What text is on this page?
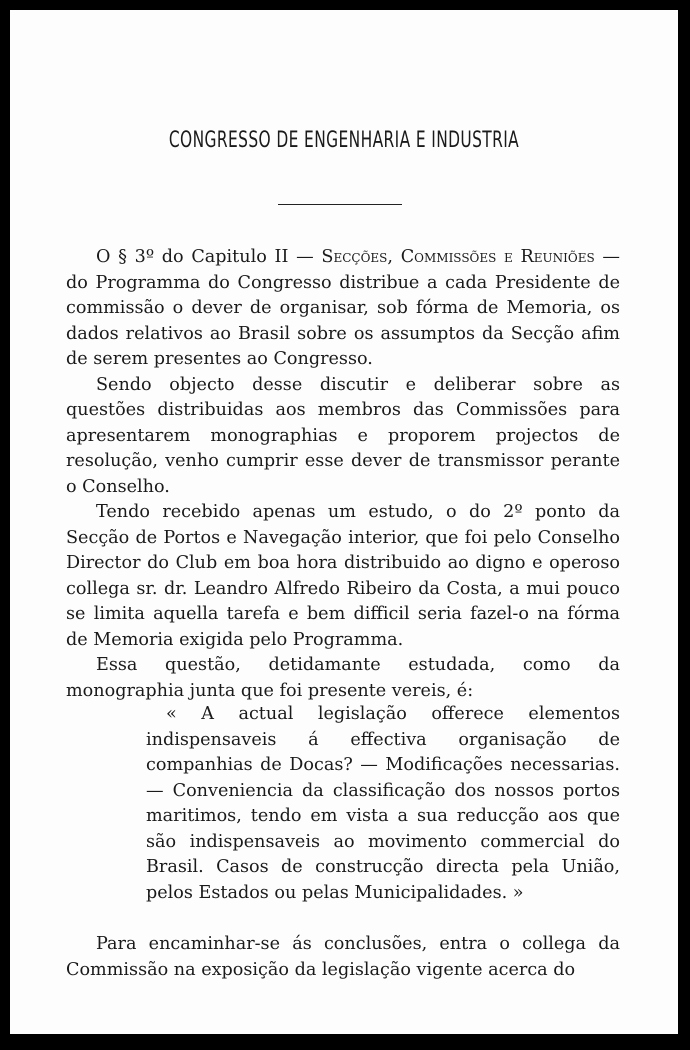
CONGRESSO DE ENGENHARIA E INDUSTRIA

O § 3º do Capitulo II — Secções, Commissões e Reuniões — do Programma do Congresso distribue a cada Presidente de commissão o dever de organisar, sob fórma de Memoria, os dados relativos ao Brasil sobre os assumptos da Secção afim de serem presentes ao Congresso.

Sendo objecto desse discutir e deliberar sobre as questões distribuidas aos membros das Commissões para apresentarem monographias e proporem projectos de resolução, venho cumprir esse dever de transmissor perante o Conselho.

Tendo recebido apenas um estudo, o do 2º ponto da Secção de Portos e Navegação interior, que foi pelo Conselho Director do Club em boa hora distribuido ao digno e operoso collega sr. dr. Leandro Alfredo Ribeiro da Costa, a mui pouco se limita aquella tarefa e bem difficil seria fazel-o na fórma de Memoria exigida pelo Programma.

Essa questão, detidamante estudada, como da monographia junta que foi presente vereis, é:

« A actual legislação offerece elementos indispensaveis á effectiva organisação de companhias de Docas? — Modificações necessarias. — Conveniencia da classificação dos nossos portos maritimos, tendo em vista a sua reducção aos que são indispensaveis ao movimento commercial do Brasil. Casos de construcção directa pela União, pelos Estados ou pelas Municipalidades. »

Para encaminhar-se ás conclusões, entra o collega da Commissão na exposição da legislação vigente acerca do
